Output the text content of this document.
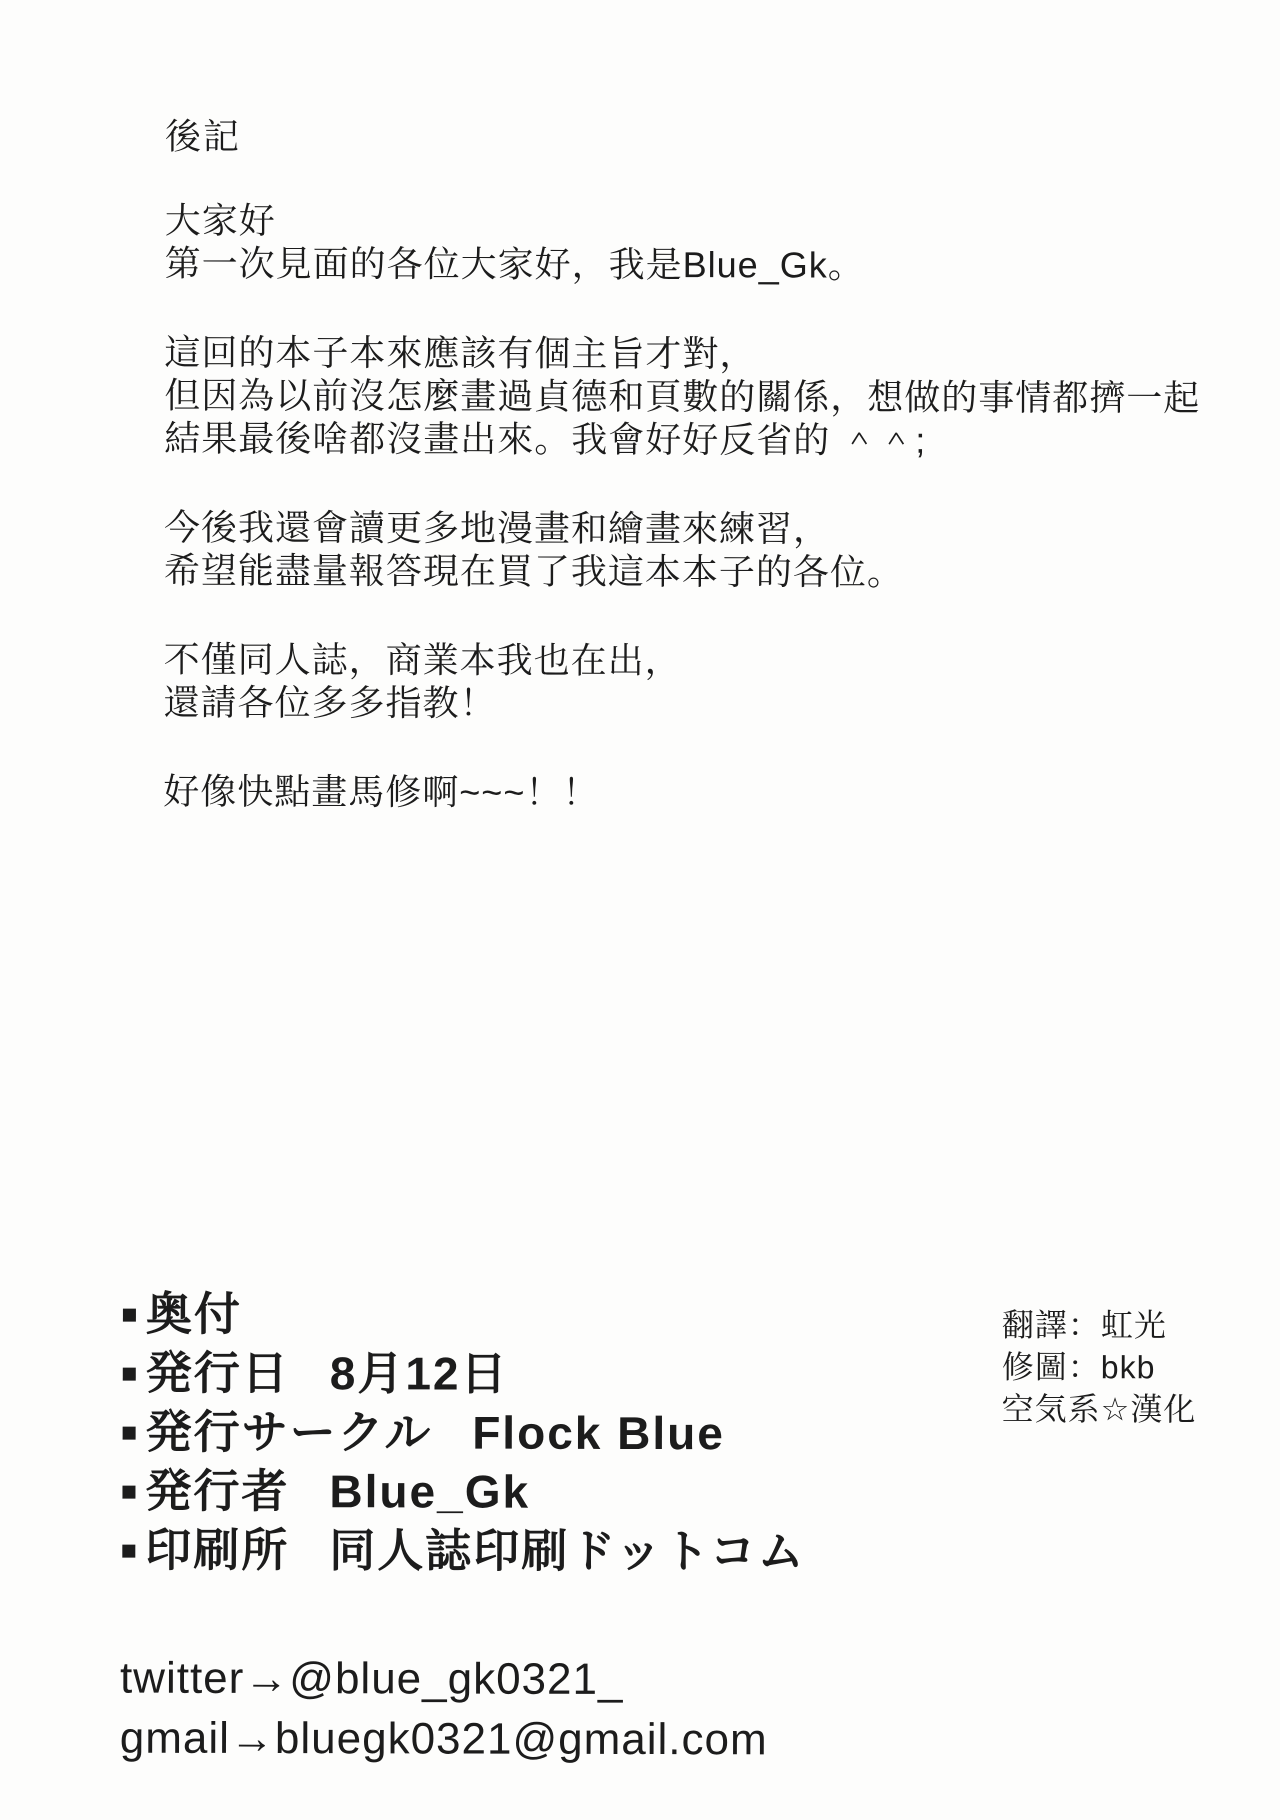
後記
大家好
第一次見面的各位大家好，我是Blue_Gk。
這回的本子本來應該有個主旨才對，
但因為以前沒怎麼畫過貞德和頁數的關係，想做的事情都擠一起
結果最後啥都沒畫出來。我會好好反省的 ＾＾;
今後我還會讀更多地漫畫和繪畫來練習，
希望能盡量報答現在買了我這本本子的各位。
不僅同人誌，商業本我也在出，
還請各位多多指教！
好像快點畫馬修啊~~~！！
奥付
発行日 8月12日
発行サークル Flock Blue
発行者 Blue_Gk
印刷所 同人誌印刷ドットコム
翻譯：虹光
修圖：bkb
空気系☆漢化
twitter→@blue_gk0321_
gmail→bluegk0321@gmail.com
